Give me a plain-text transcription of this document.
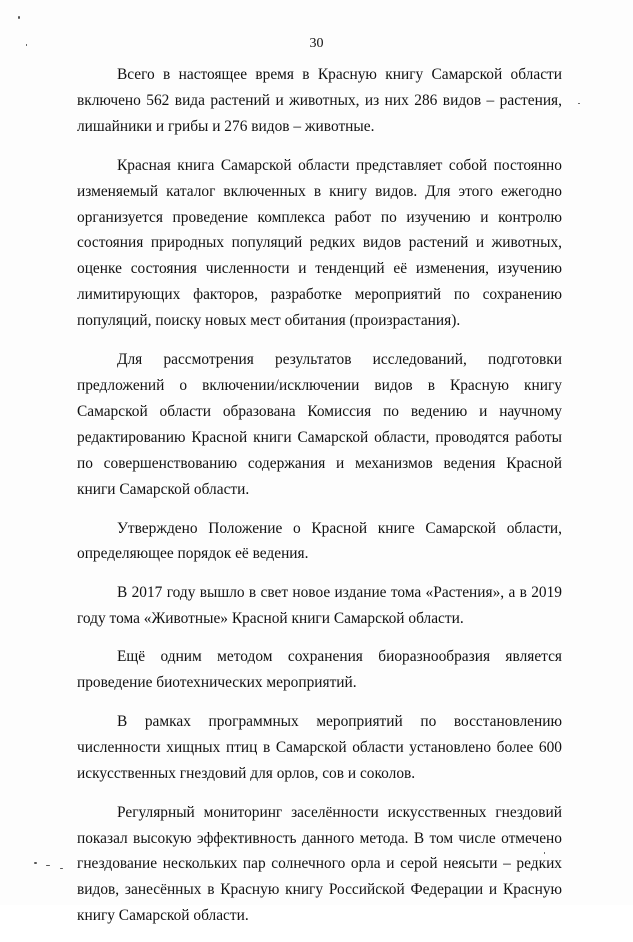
30

Всего в настоящее время в Красную книгу Самарской области включено 562 вида растений и животных, из них 286 видов – растения, лишайники и грибы и 276 видов – животные.

Красная книга Самарской области представляет собой постоянно изменяемый каталог включенных в книгу видов. Для этого ежегодно организуется проведение комплекса работ по изучению и контролю состояния природных популяций редких видов растений и животных, оценке состояния численности и тенденций её изменения, изучению лимитирующих факторов, разработке мероприятий по сохранению популяций, поиску новых мест обитания (произрастания).

Для рассмотрения результатов исследований, подготовки предложений о включении/исключении видов в Красную книгу Самарской области образована Комиссия по ведению и научному редактированию Красной книги Самарской области, проводятся работы по совершенствованию содержания и механизмов ведения Красной книги Самарской области.

Утверждено Положение о Красной книге Самарской области, определяющее порядок её ведения.

В 2017 году вышло в свет новое издание тома «Растения», а в 2019 году тома «Животные» Красной книги Самарской области.

Ещё одним методом сохранения биоразнообразия является проведение биотехнических мероприятий.

В рамках программных мероприятий по восстановлению численности хищных птиц в Самарской области установлено более 600 искусственных гнездовий для орлов, сов и соколов.

Регулярный мониторинг заселённости искусственных гнездовий показал высокую эффективность данного метода. В том числе отмечено гнездование нескольких пар солнечного орла и серой неясыти – редких видов, занесённых в Красную книгу Российской Федерации и Красную книгу Самарской области.
